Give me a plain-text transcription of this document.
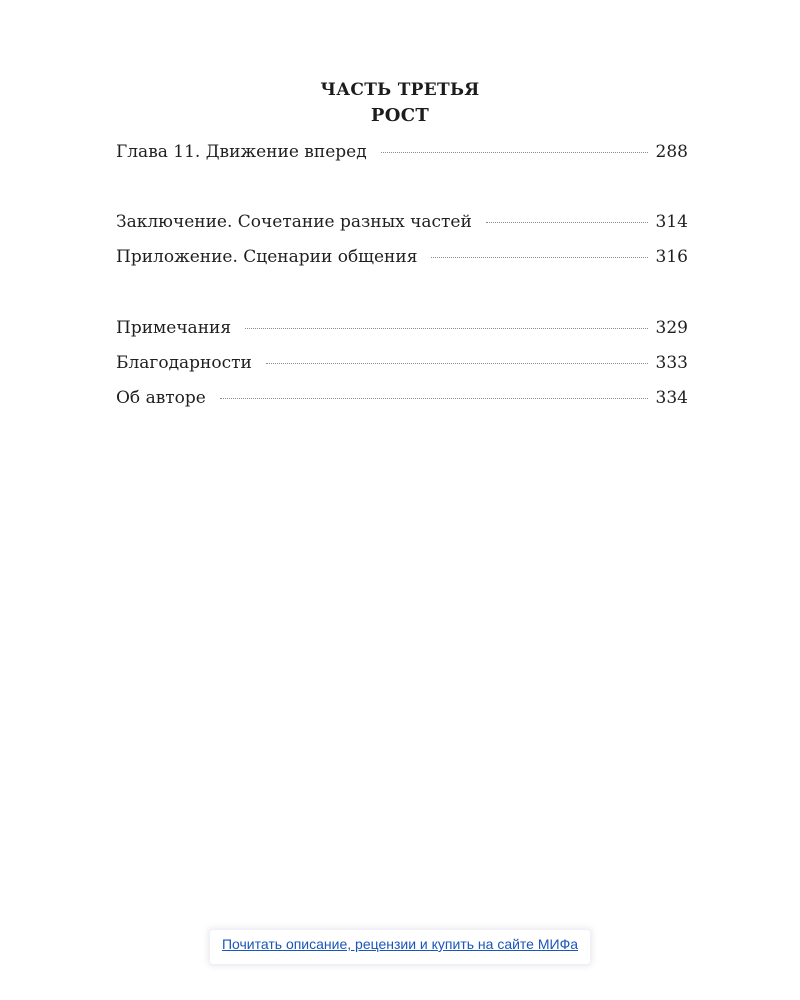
ЧАСТЬ ТРЕТЬЯ
РОСТ
Глава 11. Движение вперед	288
Заключение. Сочетание разных частей	314
Приложение. Сценарии общения	316
Примечания	329
Благодарности	333
Об авторе	334
Почитать описание, рецензии и купить на сайте МИФа
